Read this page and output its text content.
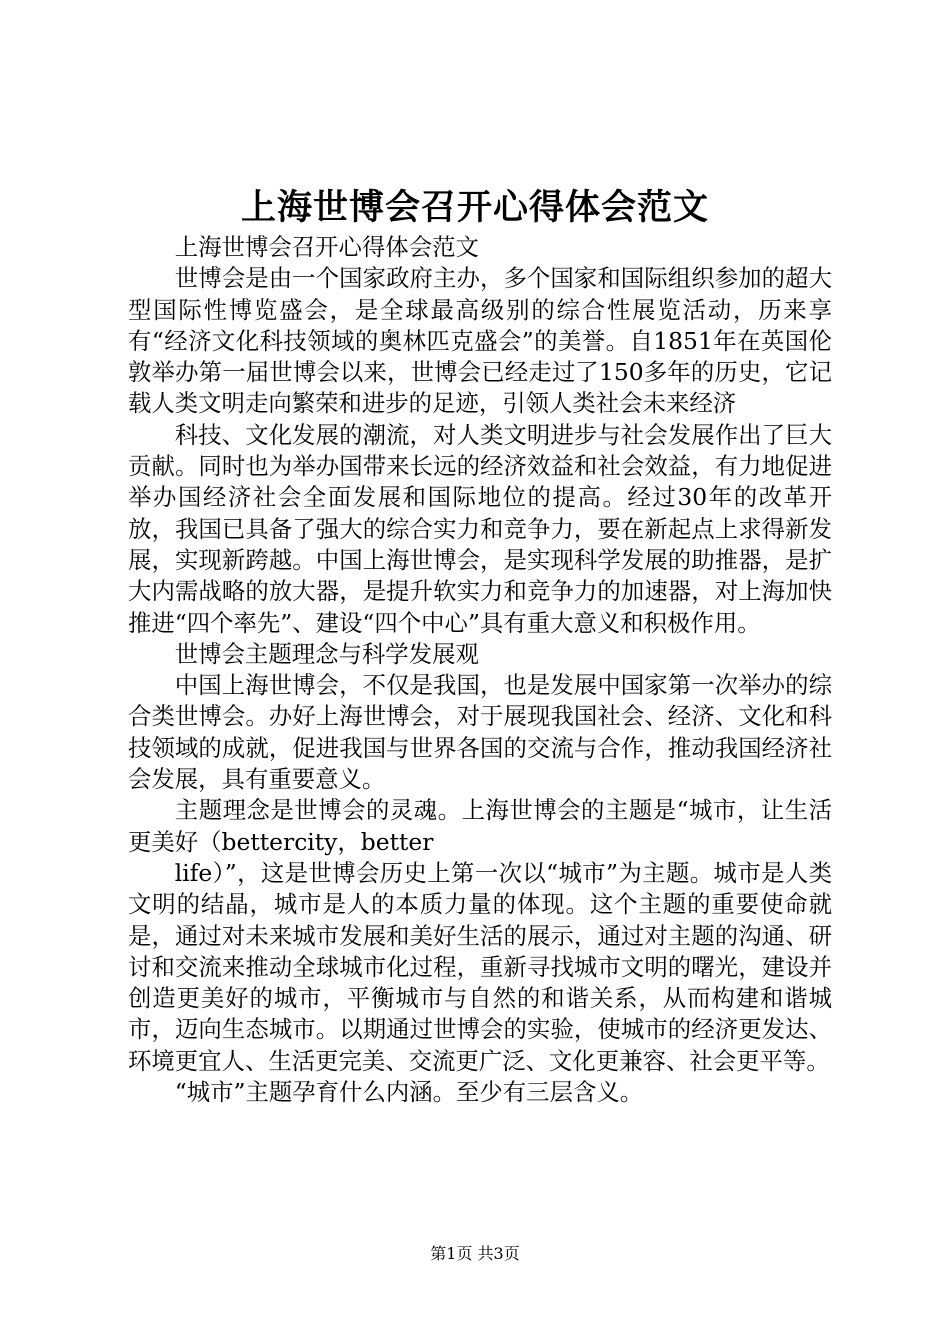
上海世博会召开心得体会范文

上海世博会召开心得体会范文

世博会是由一个国家政府主办，多个国家和国际组织参加的超大型国际性博览盛会，是全球最高级别的综合性展览活动，历来享有“经济文化科技领域的奥林匹克盛会”的美誉。自1851年在英国伦敦举办第一届世博会以来，世博会已经走过了150多年的历史，它记载人类文明走向繁荣和进步的足迹，引领人类社会未来经济

科技、文化发展的潮流，对人类文明进步与社会发展作出了巨大贡献。同时也为举办国带来长远的经济效益和社会效益，有力地促进举办国经济社会全面发展和国际地位的提高。经过30年的改革开放，我国已具备了强大的综合实力和竞争力，要在新起点上求得新发展，实现新跨越。中国上海世博会，是实现科学发展的助推器，是扩大内需战略的放大器，是提升软实力和竞争力的加速器，对上海加快推进“四个率先”、建设“四个中心”具有重大意义和积极作用。

世博会主题理念与科学发展观

中国上海世博会，不仅是我国，也是发展中国家第一次举办的综合类世博会。办好上海世博会，对于展现我国社会、经济、文化和科技领域的成就，促进我国与世界各国的交流与合作，推动我国经济社会发展，具有重要意义。

主题理念是世博会的灵魂。上海世博会的主题是“城市，让生活更美好（bettercity，better

life）”，这是世博会历史上第一次以“城市”为主题。城市是人类文明的结晶，城市是人的本质力量的体现。这个主题的重要使命就是，通过对未来城市发展和美好生活的展示，通过对主题的沟通、研讨和交流来推动全球城市化过程，重新寻找城市文明的曙光，建设并创造更美好的城市，平衡城市与自然的和谐关系，从而构建和谐城市，迈向生态城市。以期通过世博会的实验，使城市的经济更发达、环境更宜人、生活更完美、交流更广泛、文化更兼容、社会更平等。

“城市”主题孕育什么内涵。至少有三层含义。

第1页 共3页
